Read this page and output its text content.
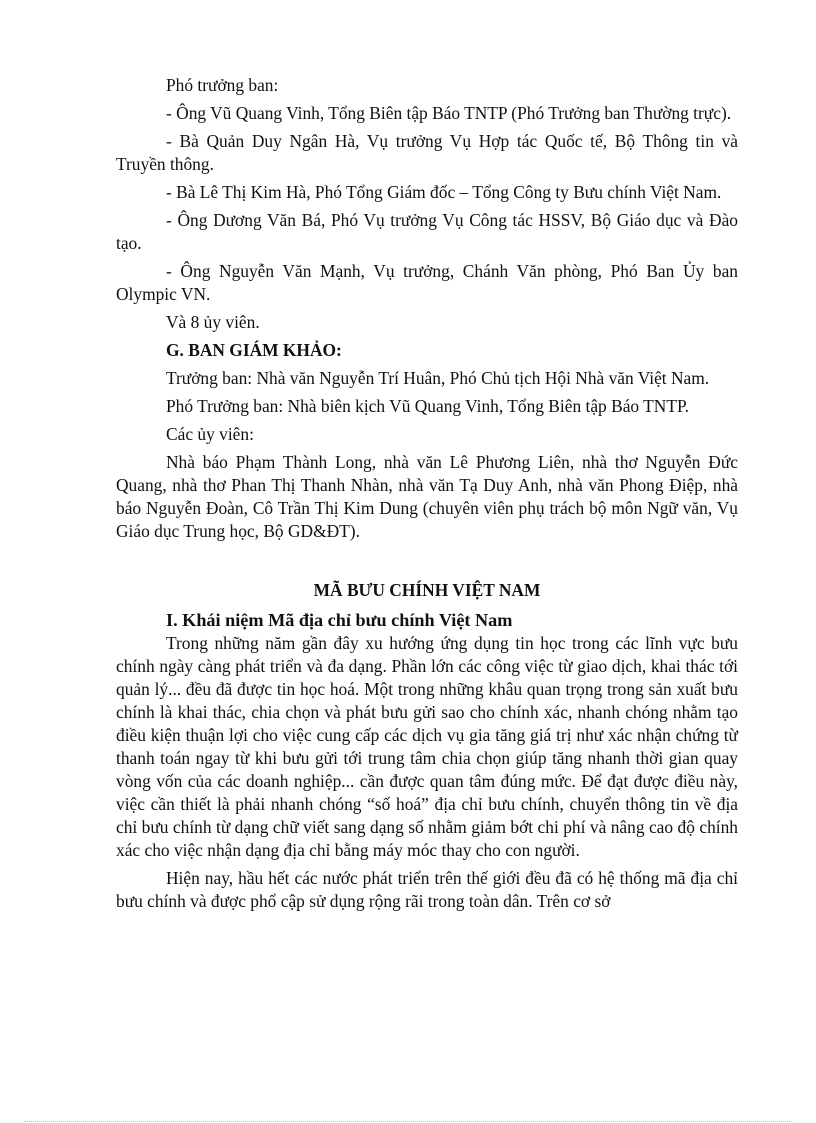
Phó trưởng ban:

- Ông Vũ Quang Vinh, Tổng Biên tập Báo TNTP (Phó Trưởng ban Thường trực).

- Bà Quản Duy Ngân Hà, Vụ trưởng Vụ Hợp tác Quốc tế, Bộ Thông tin và Truyền thông.

- Bà Lê Thị Kim Hà, Phó Tổng Giám đốc – Tổng Công ty Bưu chính Việt Nam.

- Ông Dương Văn Bá, Phó Vụ trưởng Vụ Công tác HSSV, Bộ Giáo dục và Đào tạo.

- Ông Nguyễn Văn Mạnh, Vụ trưởng, Chánh Văn phòng, Phó Ban Ủy ban Olympic VN.

Và 8 ủy viên.

G. BAN GIÁM KHẢO:

Trưởng ban: Nhà văn Nguyễn Trí Huân, Phó Chủ tịch Hội Nhà văn Việt Nam.

Phó Trưởng ban: Nhà biên kịch Vũ Quang Vinh, Tổng Biên tập Báo TNTP.

Các ủy viên:

Nhà báo Phạm Thành Long, nhà văn Lê Phương Liên, nhà thơ Nguyễn Đức Quang, nhà thơ Phan Thị Thanh Nhàn, nhà văn Tạ Duy Anh, nhà văn Phong Điệp, nhà báo Nguyễn Đoàn, Cô Trần Thị Kim Dung (chuyên viên phụ trách bộ môn Ngữ văn, Vụ Giáo dục Trung học, Bộ GD&ĐT).

MÃ BƯU CHÍNH VIỆT NAM

I. Khái niệm Mã địa chỉ bưu chính Việt Nam

Trong những năm gần đây xu hướng ứng dụng tin học trong các lĩnh vực bưu chính ngày càng phát triển và đa dạng. Phần lớn các công việc từ giao dịch, khai thác tới quản lý... đều đã được tin học hoá. Một trong những khâu quan trọng trong sản xuất bưu chính là khai thác, chia chọn và phát bưu gửi sao cho chính xác, nhanh chóng nhằm tạo điều kiện thuận lợi cho việc cung cấp các dịch vụ gia tăng giá trị như xác nhận chứng từ thanh toán ngay từ khi bưu gửi tới trung tâm chia chọn giúp tăng nhanh thời gian quay vòng vốn của các doanh nghiệp... cần được quan tâm đúng mức. Để đạt được điều này, việc cần thiết là phải nhanh chóng “số hoá” địa chỉ bưu chính, chuyển thông tin về địa chỉ bưu chính từ dạng chữ viết sang dạng số nhằm giảm bớt chi phí và nâng cao độ chính xác cho việc nhận dạng địa chỉ bằng máy móc thay cho con người.

Hiện nay, hầu hết các nước phát triển trên thế giới đều đã có hệ thống mã địa chỉ bưu chính và được phổ cập sử dụng rộng rãi trong toàn dân. Trên cơ sở
